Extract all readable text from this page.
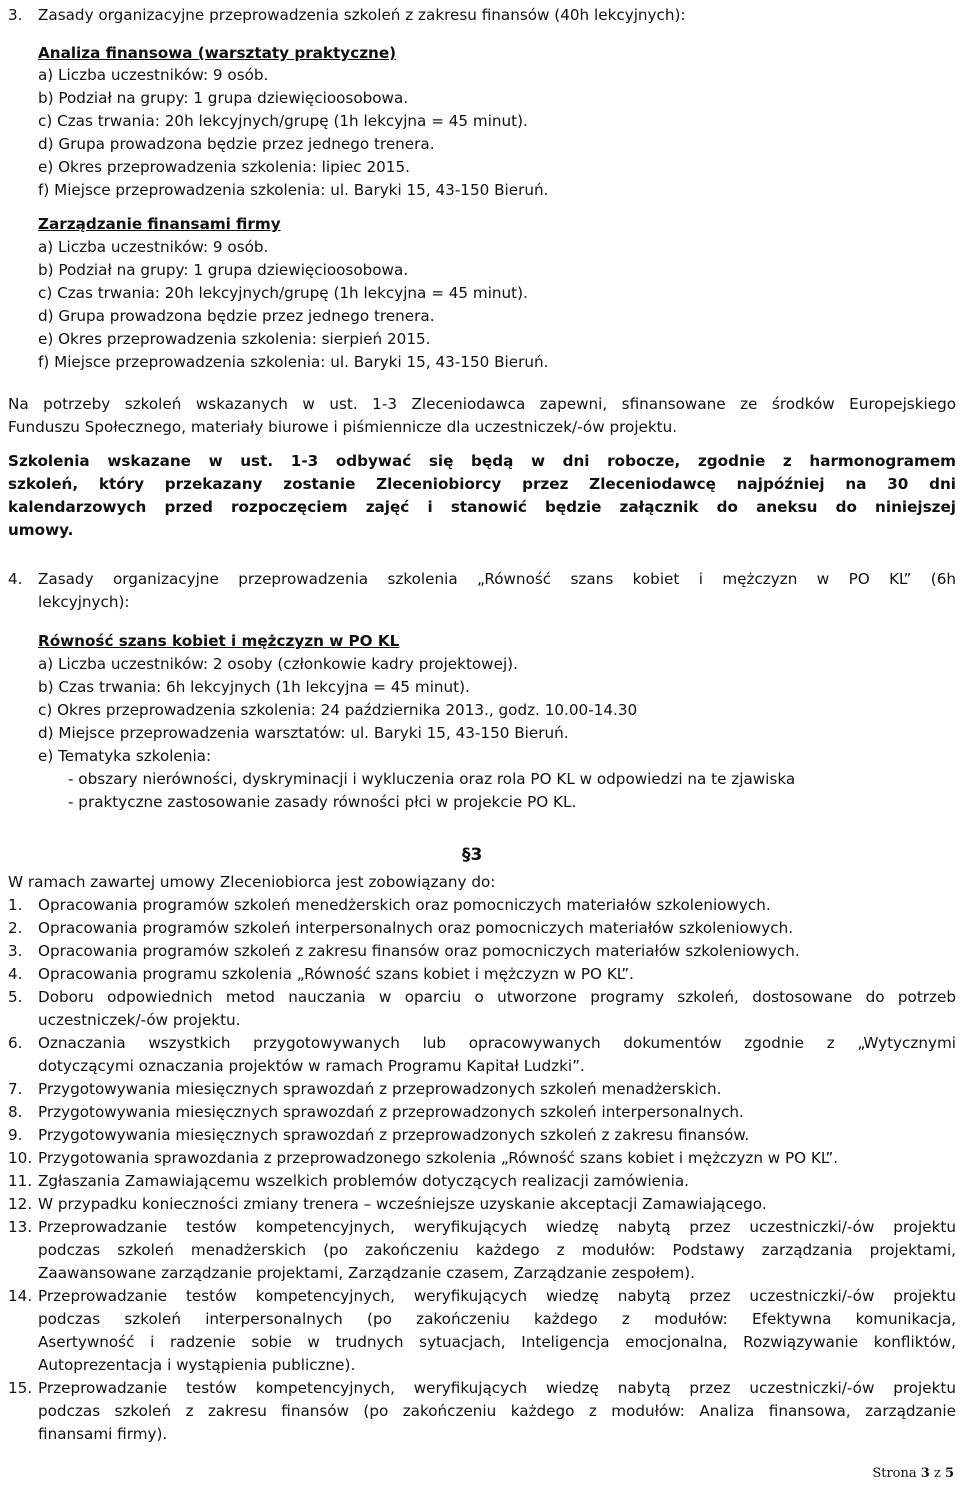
3. Zasady organizacyjne przeprowadzenia szkoleń z zakresu finansów (40h lekcyjnych):
Analiza finansowa (warsztaty praktyczne)
a) Liczba uczestników: 9 osób.
b) Podział na grupy: 1 grupa dziewięcioosobowa.
c) Czas trwania: 20h lekcyjnych/grupę (1h lekcyjna = 45 minut).
d) Grupa prowadzona będzie przez jednego trenera.
e) Okres przeprowadzenia szkolenia: lipiec 2015.
f) Miejsce przeprowadzenia szkolenia: ul. Baryki 15, 43-150 Bieruń.
Zarządzanie finansami firmy
a) Liczba uczestników: 9 osób.
b) Podział na grupy: 1 grupa dziewięcioosobowa.
c) Czas trwania: 20h lekcyjnych/grupę (1h lekcyjna = 45 minut).
d) Grupa prowadzona będzie przez jednego trenera.
e) Okres przeprowadzenia szkolenia: sierpień 2015.
f) Miejsce przeprowadzenia szkolenia: ul. Baryki 15, 43-150 Bieruń.
Na potrzeby szkoleń wskazanych w ust. 1-3 Zleceniodawca zapewni, sfinansowane ze środków Europejskiego
Funduszu Społecznego, materiały biurowe i piśmiennicze dla uczestniczek/-ów projektu.
Szkolenia wskazane w ust. 1-3 odbywać się będą w dni robocze, zgodnie z harmonogramem
szkoleń, który przekazany zostanie Zleceniobiorcy przez Zleceniodawcę najpóźniej na 30 dni
kalendarzowych przed rozpoczęciem zajęć i stanowić będzie załącznik do aneksu do niniejszej
umowy.
4. Zasady organizacyjne przeprowadzenia szkolenia „Równość szans kobiet i mężczyzn w PO KL” (6h
lekcyjnych):
Równość szans kobiet i mężczyzn w PO KL
a) Liczba uczestników: 2 osoby (członkowie kadry projektowej).
b) Czas trwania: 6h lekcyjnych (1h lekcyjna = 45 minut).
c) Okres przeprowadzenia szkolenia: 24 października 2013., godz. 10.00-14.30
d) Miejsce przeprowadzenia warsztatów: ul. Baryki 15, 43-150 Bieruń.
e) Tematyka szkolenia:
- obszary nierówności, dyskryminacji i wykluczenia oraz rola PO KL w odpowiedzi na te zjawiska
- praktyczne zastosowanie zasady równości płci w projekcie PO KL.
§3
W ramach zawartej umowy Zleceniobiorca jest zobowiązany do:
1. Opracowania programów szkoleń menedżerskich oraz pomocniczych materiałów szkoleniowych.
2. Opracowania programów szkoleń interpersonalnych oraz pomocniczych materiałów szkoleniowych.
3. Opracowania programów szkoleń z zakresu finansów oraz pomocniczych materiałów szkoleniowych.
4. Opracowania programu szkolenia „Równość szans kobiet i mężczyzn w PO KL”.
5. Doboru odpowiednich metod nauczania w oparciu o utworzone programy szkoleń, dostosowane do potrzeb
uczestniczek/-ów projektu.
6. Oznaczania wszystkich przygotowywanych lub opracowywanych dokumentów zgodnie z „Wytycznymi
dotyczącymi oznaczania projektów w ramach Programu Kapitał Ludzki”.
7. Przygotowywania miesięcznych sprawozdań z przeprowadzonych szkoleń menadżerskich.
8. Przygotowywania miesięcznych sprawozdań z przeprowadzonych szkoleń interpersonalnych.
9. Przygotowywania miesięcznych sprawozdań z przeprowadzonych szkoleń z zakresu finansów.
10. Przygotowania sprawozdania z przeprowadzonego szkolenia „Równość szans kobiet i mężczyzn w PO KL”.
11. Zgłaszania Zamawiającemu wszelkich problemów dotyczących realizacji zamówienia.
12. W przypadku konieczności zmiany trenera – wcześniejsze uzyskanie akceptacji Zamawiającego.
13. Przeprowadzanie testów kompetencyjnych, weryfikujących wiedzę nabytą przez uczestniczki/-ów projektu
podczas szkoleń menadżerskich (po zakończeniu każdego z modułów: Podstawy zarządzania projektami,
Zaawansowane zarządzanie projektami, Zarządzanie czasem, Zarządzanie zespołem).
14. Przeprowadzanie testów kompetencyjnych, weryfikujących wiedzę nabytą przez uczestniczki/-ów projektu
podczas szkoleń interpersonalnych (po zakończeniu każdego z modułów: Efektywna komunikacja,
Asertywność i radzenie sobie w trudnych sytuacjach, Inteligencja emocjonalna, Rozwiązywanie konfliktów,
Autoprezentacja i wystąpienia publiczne).
15. Przeprowadzanie testów kompetencyjnych, weryfikujących wiedzę nabytą przez uczestniczki/-ów projektu
podczas szkoleń z zakresu finansów (po zakończeniu każdego z modułów: Analiza finansowa, zarządzanie
finansami firmy).
Strona 3 z 5
